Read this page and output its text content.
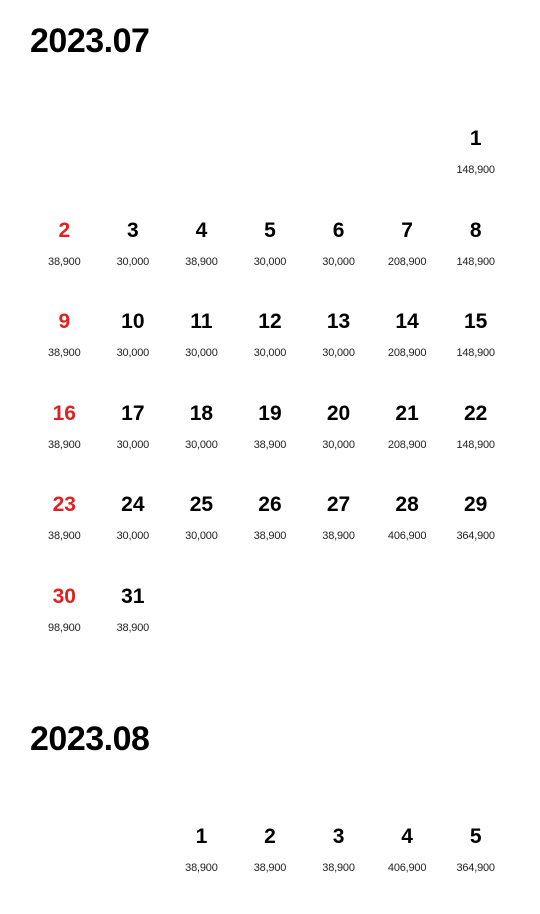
2023.07
1
148,900
2
38,900
3
30,000
4
38,900
5
30,000
6
30,000
7
208,900
8
148,900
9
38,900
10
30,000
11
30,000
12
30,000
13
30,000
14
208,900
15
148,900
16
38,900
17
30,000
18
30,000
19
38,900
20
30,000
21
208,900
22
148,900
23
38,900
24
30,000
25
30,000
26
38,900
27
38,900
28
406,900
29
364,900
30
98,900
31
38,900
2023.08
1
38,900
2
38,900
3
38,900
4
406,900
5
364,900
